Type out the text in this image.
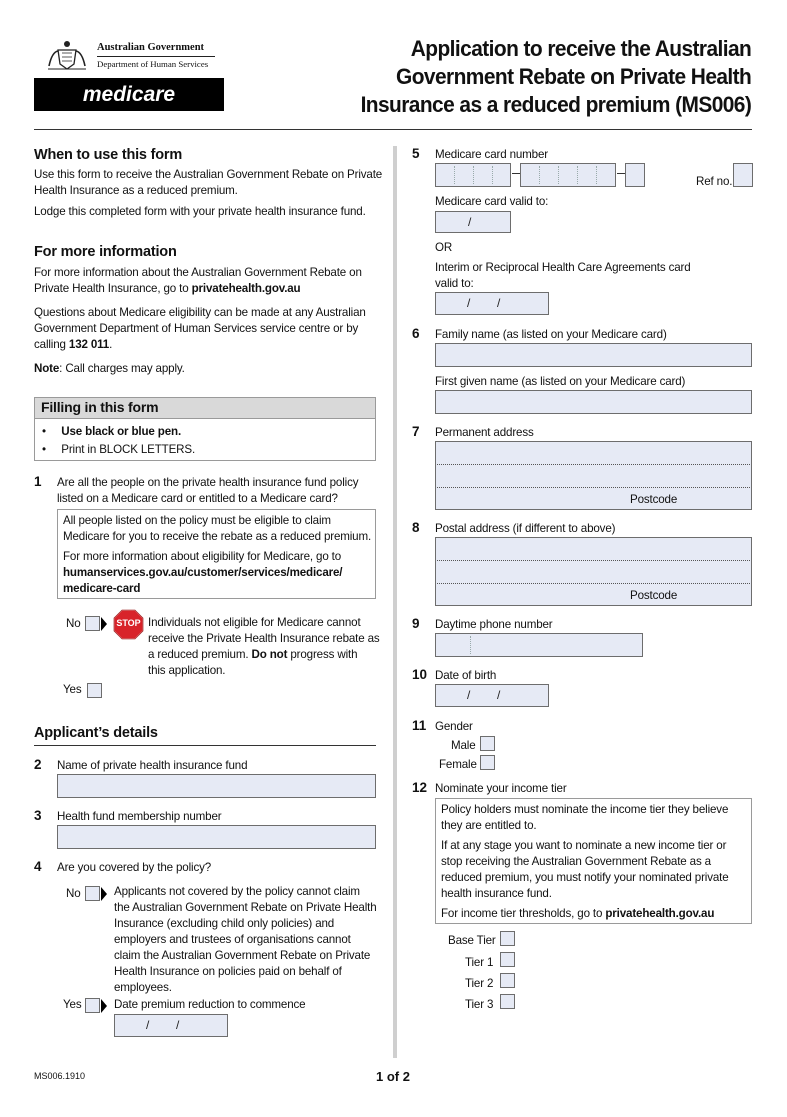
Australian Government
Department of Human Services
medicare
Application to receive the Australian
Government Rebate on Private Health
Insurance as a reduced premium (MS006)
When to use this form
Use this form to receive the Australian Government Rebate on Private
Health Insurance as a reduced premium.
Lodge this completed form with your private health insurance fund.
For more information
For more information about the Australian Government Rebate on
Private Health Insurance, go to privatehealth.gov.au
Questions about Medicare eligibility can be made at any Australian
Government Department of Human Services service centre or by
calling 132 011.
Note: Call charges may apply.
Filling in this form
•     Use black or blue pen.
•     Print in BLOCK LETTERS.
1 Are all the people on the private health insurance fund policy
listed on a Medicare card or entitled to a Medicare card?
All people listed on the policy must be eligible to claim
Medicare for you to receive the rebate as a reduced premium.
For more information about eligibility for Medicare, go to
humanservices.gov.au/customer/services/medicare/
medicare-card
No	STOP Individuals not eligible for Medicare cannot
receive the Private Health Insurance rebate as
a reduced premium. Do not progress with
this application.
Yes
Applicant’s details
2 Name of private health insurance fund
3 Health fund membership number
4 Are you covered by the policy?
No	Applicants not covered by the policy cannot claim
the Australian Government Rebate on Private Health
Insurance (excluding child only policies) and
employers and trustees of organisations cannot
claim the Australian Government Rebate on Private
Health Insurance on policies paid on behalf of
employees.
Yes	Date premium reduction to commence
/ /
5 Medicare card number
Ref no.
Medicare card valid to:
/
OR
Interim or Reciprocal Health Care Agreements card
valid to:
/ /
6 Family name (as listed on your Medicare card)
First given name (as listed on your Medicare card)
7 Permanent address
Postcode
8 Postal address (if different to above)
Postcode
9 Daytime phone number
10 Date of birth
/ /
11 Gender
Male
Female
12 Nominate your income tier
Policy holders must nominate the income tier they believe
they are entitled to.
If at any stage you want to nominate a new income tier or
stop receiving the Australian Government Rebate as a
reduced premium, you must notify your nominated private
health insurance fund.
For income tier thresholds, go to privatehealth.gov.au
Base Tier
Tier 1
Tier 2
Tier 3
MS006.1910	1 of 2
